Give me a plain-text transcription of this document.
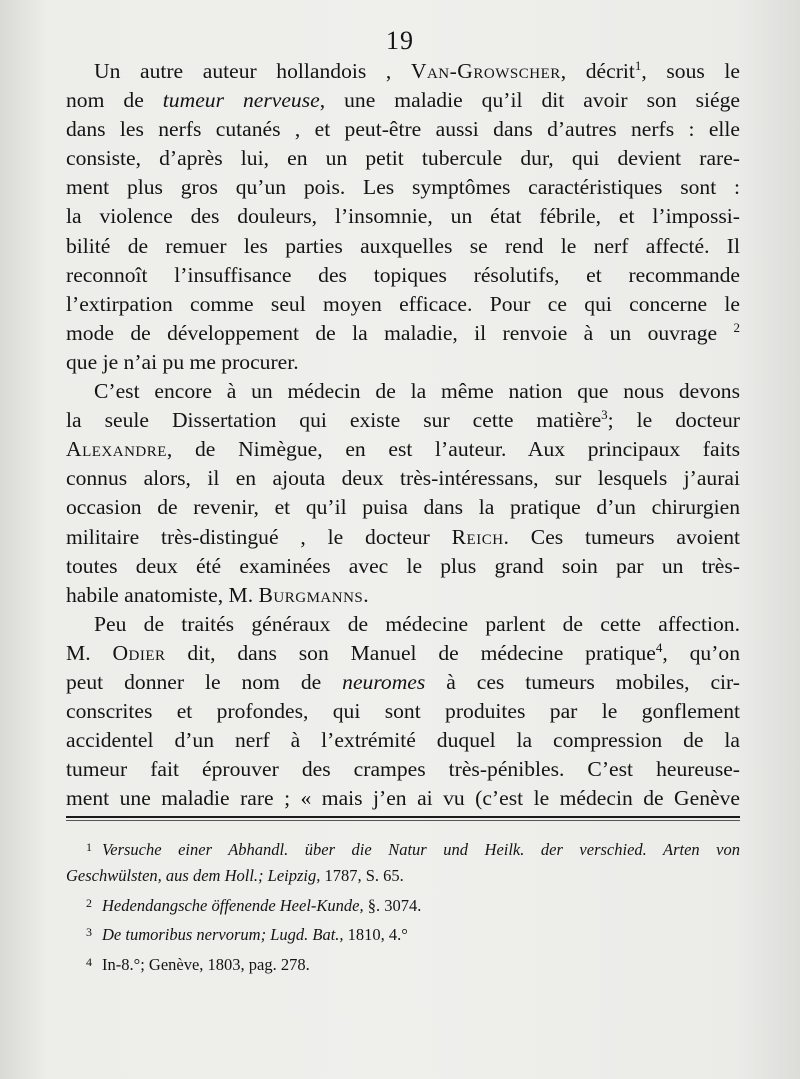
19
Un autre auteur hollandois , Van-Growscher, décrit$^1$, sous le
nom de tumeur nerveuse, une maladie qu’il dit avoir son siége
dans les nerfs cutanés , et peut-être aussi dans d’autres nerfs : elle
consiste, d’après lui, en un petit tubercule dur, qui devient rare-
ment plus gros qu’un pois. Les symptômes caractéristiques sont :
la violence des douleurs, l’insomnie, un état fébrile, et l’impossi-
bilité de remuer les parties auxquelles se rend le nerf affecté. Il
reconnoît l’insuffisance des topiques résolutifs, et recommande
l’extirpation comme seul moyen efficace. Pour ce qui concerne le
mode de développement de la maladie, il renvoie à un ouvrage $^2$
que je n’ai pu me procurer.
C’est encore à un médecin de la même nation que nous devons
la seule Dissertation qui existe sur cette matière$^3$; le docteur
Alexandre, de Nimègue, en est l’auteur. Aux principaux faits
connus alors, il en ajouta deux très-intéressans, sur lesquels j’aurai
occasion de revenir, et qu’il puisa dans la pratique d’un chirurgien
militaire très-distingué , le docteur Reich. Ces tumeurs avoient
toutes deux été examinées avec le plus grand soin par un très-
habile anatomiste, M. Burgmanns.
Peu de traités généraux de médecine parlent de cette affection.
M. Odier dit, dans son Manuel de médecine pratique$^4$, qu’on
peut donner le nom de neuromes à ces tumeurs mobiles, cir-
conscrites et profondes, qui sont produites par le gonflement
accidentel d’un nerf à l’extrémité duquel la compression de la
tumeur fait éprouver des crampes très-pénibles. C’est heureuse-
ment une maladie rare ; « mais j’en ai vu (c’est le médecin de Genève
1 Versuche einer Abhandl. über die Natur und Heilk. der verschied. Arten von
Geschwülsten, aus dem Holl.; Leipzig, 1787, S. 65.
2 Hedendangsche öffenende Heel-Kunde, §. 3074.
3 De tumoribus nervorum; Lugd. Bat., 1810, 4.°
4 In-8.°; Genève, 1803, pag. 278.
